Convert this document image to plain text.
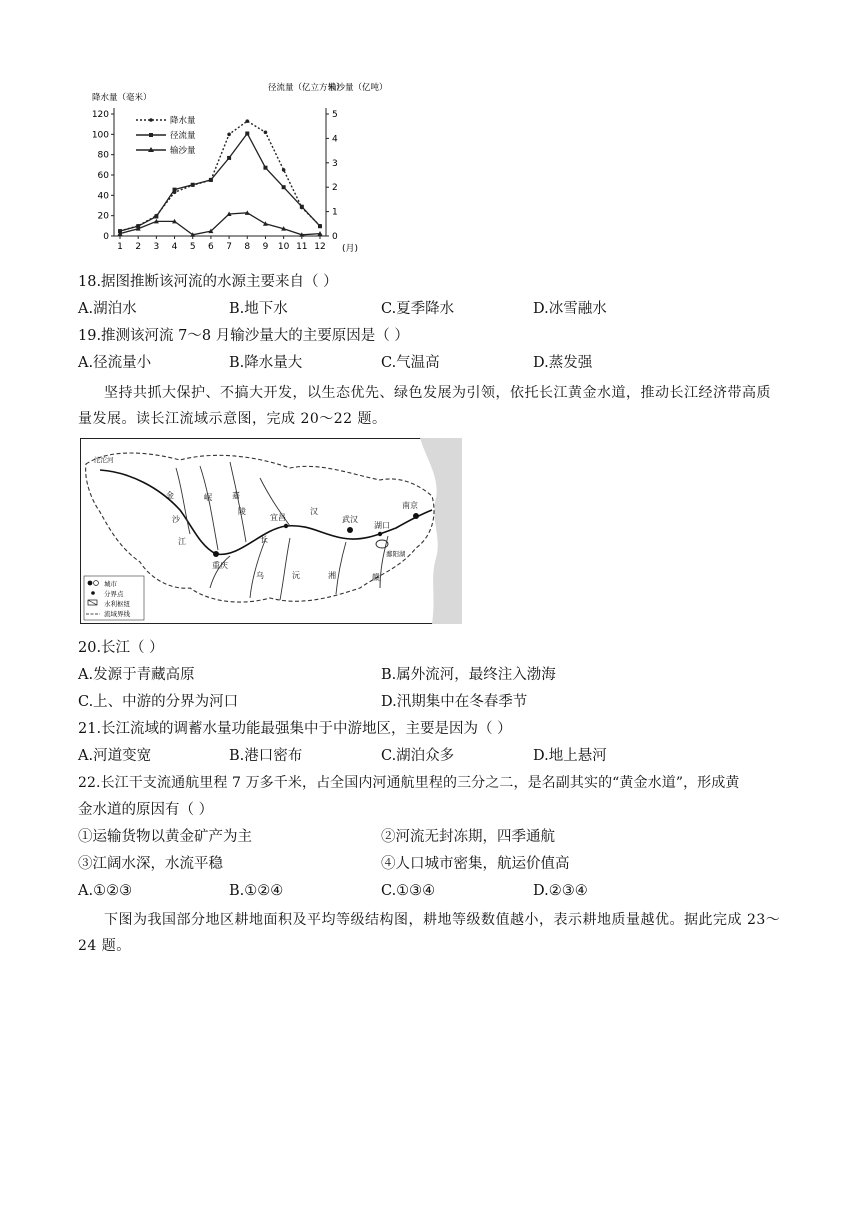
0
20
40
60
80
100
120
0
1
2
3
4
5
1 2 3 4 5 6 7 8 9 10 11 12
降水量（毫米）
径流量（亿立方米）
输沙量（亿吨）
(月)
降水量
径流量
输沙量
18.据图推断该河流的水源主要来自（ ）
A.湖泊水	B.地下水	C.夏季降水	D.冰雪融水
19.推测该河流 7～8 月输沙量大的主要原因是（ ）
A.径流量小	B.降水量大	C.气温高	D.蒸发强
坚持共抓大保护、不搞大开发，以生态优先、绿色发展为引领，依托长江黄金水道，推动长江经济带高质量发展。读长江流域示意图，完成 20～22 题。
重庆
武汉
南京
湖口
宜昌
鄱阳湖
沱沱河
金
沙
江
岷	嘉
陵
乌
长
汉
沅	湘	赣
城市
分界点
水利枢纽
流域界线
20.长江（ ）
A.发源于青藏高原	B.属外流河，最终注入渤海
C.上、中游的分界为河口	D.汛期集中在冬春季节
21.长江流域的调蓄水量功能最强集中于中游地区，主要是因为（ ）
A.河道变宽	B.港口密布	C.湖泊众多	D.地上悬河
22.长江干支流通航里程 7 万多千米，占全国内河通航里程的三分之二，是名副其实的“黄金水道”，形成黄
金水道的原因有（ ）
①运输货物以黄金矿产为主	②河流无封冻期，四季通航
③江阔水深，水流平稳	④人口城市密集，航运价值高
A.①②③	B.①②④	C.①③④	D.②③④
下图为我国部分地区耕地面积及平均等级结构图，耕地等级数值越小，表示耕地质量越优。据此完成 23～24 题。
